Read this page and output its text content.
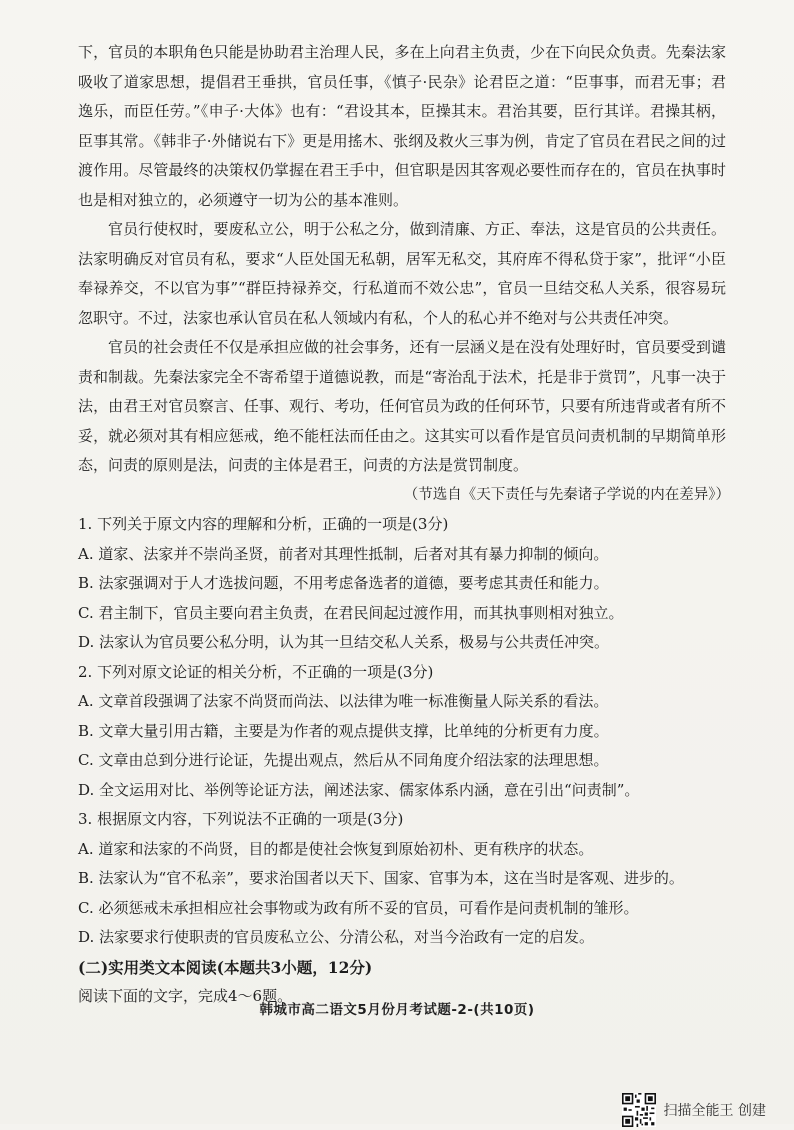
下，官员的本职角色只能是协助君主治理人民，多在上向君主负责，少在下向民众负责。先秦法家吸收了道家思想，提倡君王垂拱，官员任事，《慎子·民杂》论君臣之道：“臣事事，而君无事；君逸乐，而臣任劳。”《申子·大体》也有：“君设其本，臣操其末。君治其要，臣行其详。君操其柄，臣事其常。《韩非子·外储说右下》更是用搖木、张纲及救火三事为例，肯定了官员在君民之间的过渡作用。尽管最终的决策权仍掌握在君王手中，但官职是因其客观必要性而存在的，官员在执事时也是相对独立的，必须遵守一切为公的基本准则。

官员行使权时，要废私立公，明于公私之分，做到清廉、方正、奉法，这是官员的公共责任。法家明确反对官员有私，要求“人臣处国无私朝，居军无私交，其府库不得私贷于家”，批评“小臣奉禄养交，不以官为事”“群臣持禄养交，行私道而不效公忠”，官员一旦结交私人关系，很容易玩忽职守。不过，法家也承认官员在私人领域内有私，个人的私心并不绝对与公共责任冲突。

官员的社会责任不仅是承担应做的社会事务，还有一层涵义是在没有处理好时，官员要受到谴责和制裁。先秦法家完全不寄希望于道德说教，而是“寄治乱于法术，托是非于赏罚”，凡事一决于法，由君王对官员察言、任事、观行、考功，任何官员为政的任何环节，只要有所违背或者有所不妥，就必须对其有相应惩戒，绝不能枉法而任由之。这其实可以看作是官员问责机制的早期简单形态，问责的原则是法，问责的主体是君王，问责的方法是赏罚制度。

（节选自《天下责任与先秦诸子学说的内在差异》）

1. 下列关于原文内容的理解和分析，正确的一项是(3分)

A. 道家、法家并不崇尚圣贤，前者对其理性抵制，后者对其有暴力抑制的倾向。

B. 法家强调对于人才选拔问题，不用考虑备选者的道德，要考虑其责任和能力。

C. 君主制下，官员主要向君主负责，在君民间起过渡作用，而其执事则相对独立。

D. 法家认为官员要公私分明，认为其一旦结交私人关系，极易与公共责任冲突。

2. 下列对原文论证的相关分析，不正确的一项是(3分)

A. 文章首段强调了法家不尚贤而尚法、以法律为唯一标准衡量人际关系的看法。

B. 文章大量引用古籍，主要是为作者的观点提供支撑，比单纯的分析更有力度。

C. 文章由总到分进行论证，先提出观点，然后从不同角度介绍法家的法理思想。

D. 全文运用对比、举例等论证方法，阐述法家、儒家体系内涵，意在引出“问责制”。

3. 根据原文内容，下列说法不正确的一项是(3分)

A. 道家和法家的不尚贤，目的都是使社会恢复到原始初朴、更有秩序的状态。

B. 法家认为“官不私亲”，要求治国者以天下、国家、官事为本，这在当时是客观、进步的。

C. 必须惩戒未承担相应社会事物或为政有所不妥的官员，可看作是问责机制的雏形。

D. 法家要求行使职责的官员废私立公、分清公私，对当今治政有一定的启发。

(二)实用类文本阅读(本题共3小题，12分)

阅读下面的文字，完成4～6题。

韩城市高二语文5月份月考试题-2-(共10页)
扫描全能王 创建
